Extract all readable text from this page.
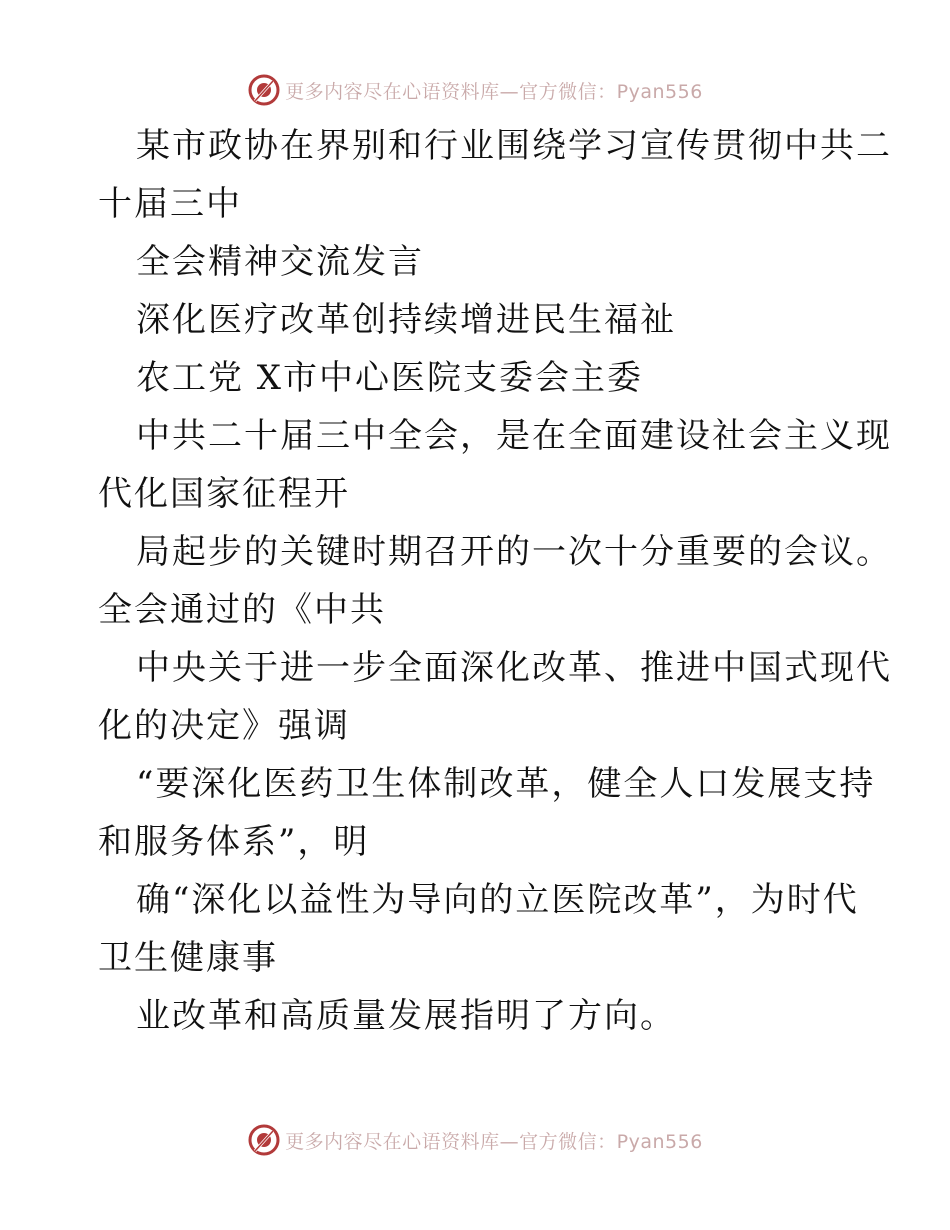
更多内容尽在心语资料库—官方微信：Pyan556

某市政协在界别和行业围绕学习宣传贯彻中共二
十届三中

全会精神交流发言

深化医疗改革创持续增进民生福祉

农工党 X市中心医院支委会主委

中共二十届三中全会，是在全面建设社会主义现
代化国家征程开

局起步的关键时期召开的一次十分重要的会议。
全会通过的《中共

中央关于进一步全面深化改革、推进中国式现代
化的决定》强调

“要深化医药卫生体制改革，健全人口发展支持
和服务体系”，明

确“深化以益性为导向的立医院改革”，为时代
卫生健康事

业改革和高质量发展指明了方向。

更多内容尽在心语资料库—官方微信：Pyan556
